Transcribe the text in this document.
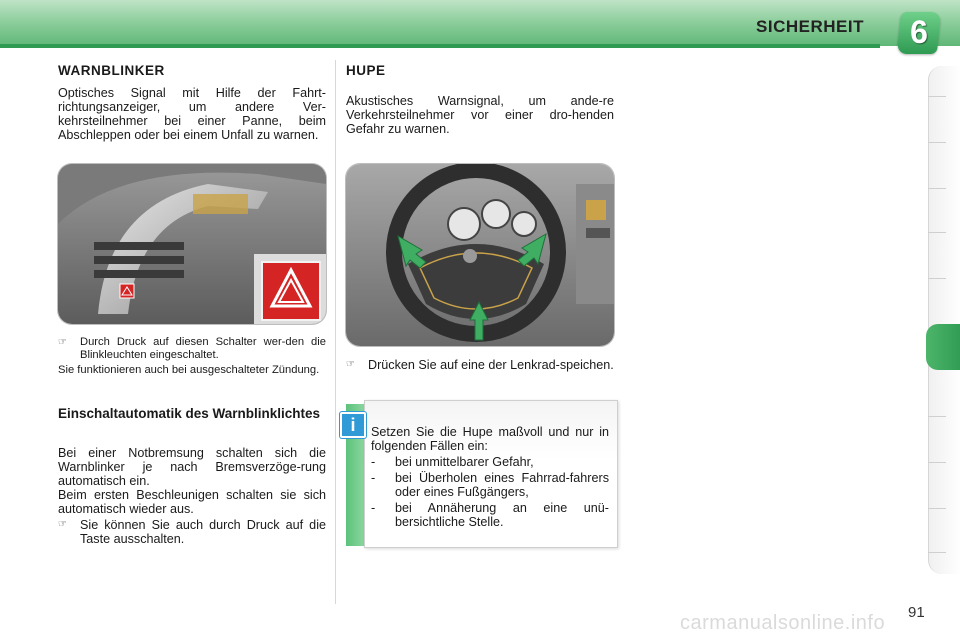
SICHERHEIT	6
WARNBLINKER
Optisches Signal mit Hilfe der Fahrt-richtungsanzeiger, um andere Ver-kehrsteilnehmer bei einer Panne, beim Abschleppen oder bei einem Unfall zu warnen.
☞	Durch Druck auf diesen Schalter wer-den die Blinkleuchten eingeschaltet.
Sie funktionieren auch bei ausgeschalteter Zündung.
Einschaltautomatik des Warnblinklichtes
Bei einer Notbremsung schalten sich die Warnblinker je nach Bremsverzöge-rung automatisch ein.
Beim ersten Beschleunigen schalten sie sich automatisch wieder aus.
☞	Sie können Sie auch durch Druck auf die Taste ausschalten.
HUPE
Akustisches Warnsignal, um ande-re Verkehrsteilnehmer vor einer dro-henden Gefahr zu warnen.
☞	Drücken Sie auf eine der Lenkrad-speichen.
Setzen Sie die Hupe maßvoll und nur in folgenden Fällen ein:
- bei unmittelbarer Gefahr,
- bei Überholen eines Fahrrad-fahrers oder eines Fußgängers,
- bei Annäherung an eine unü-bersichtliche Stelle.
i
91
carmanualsonline.info
